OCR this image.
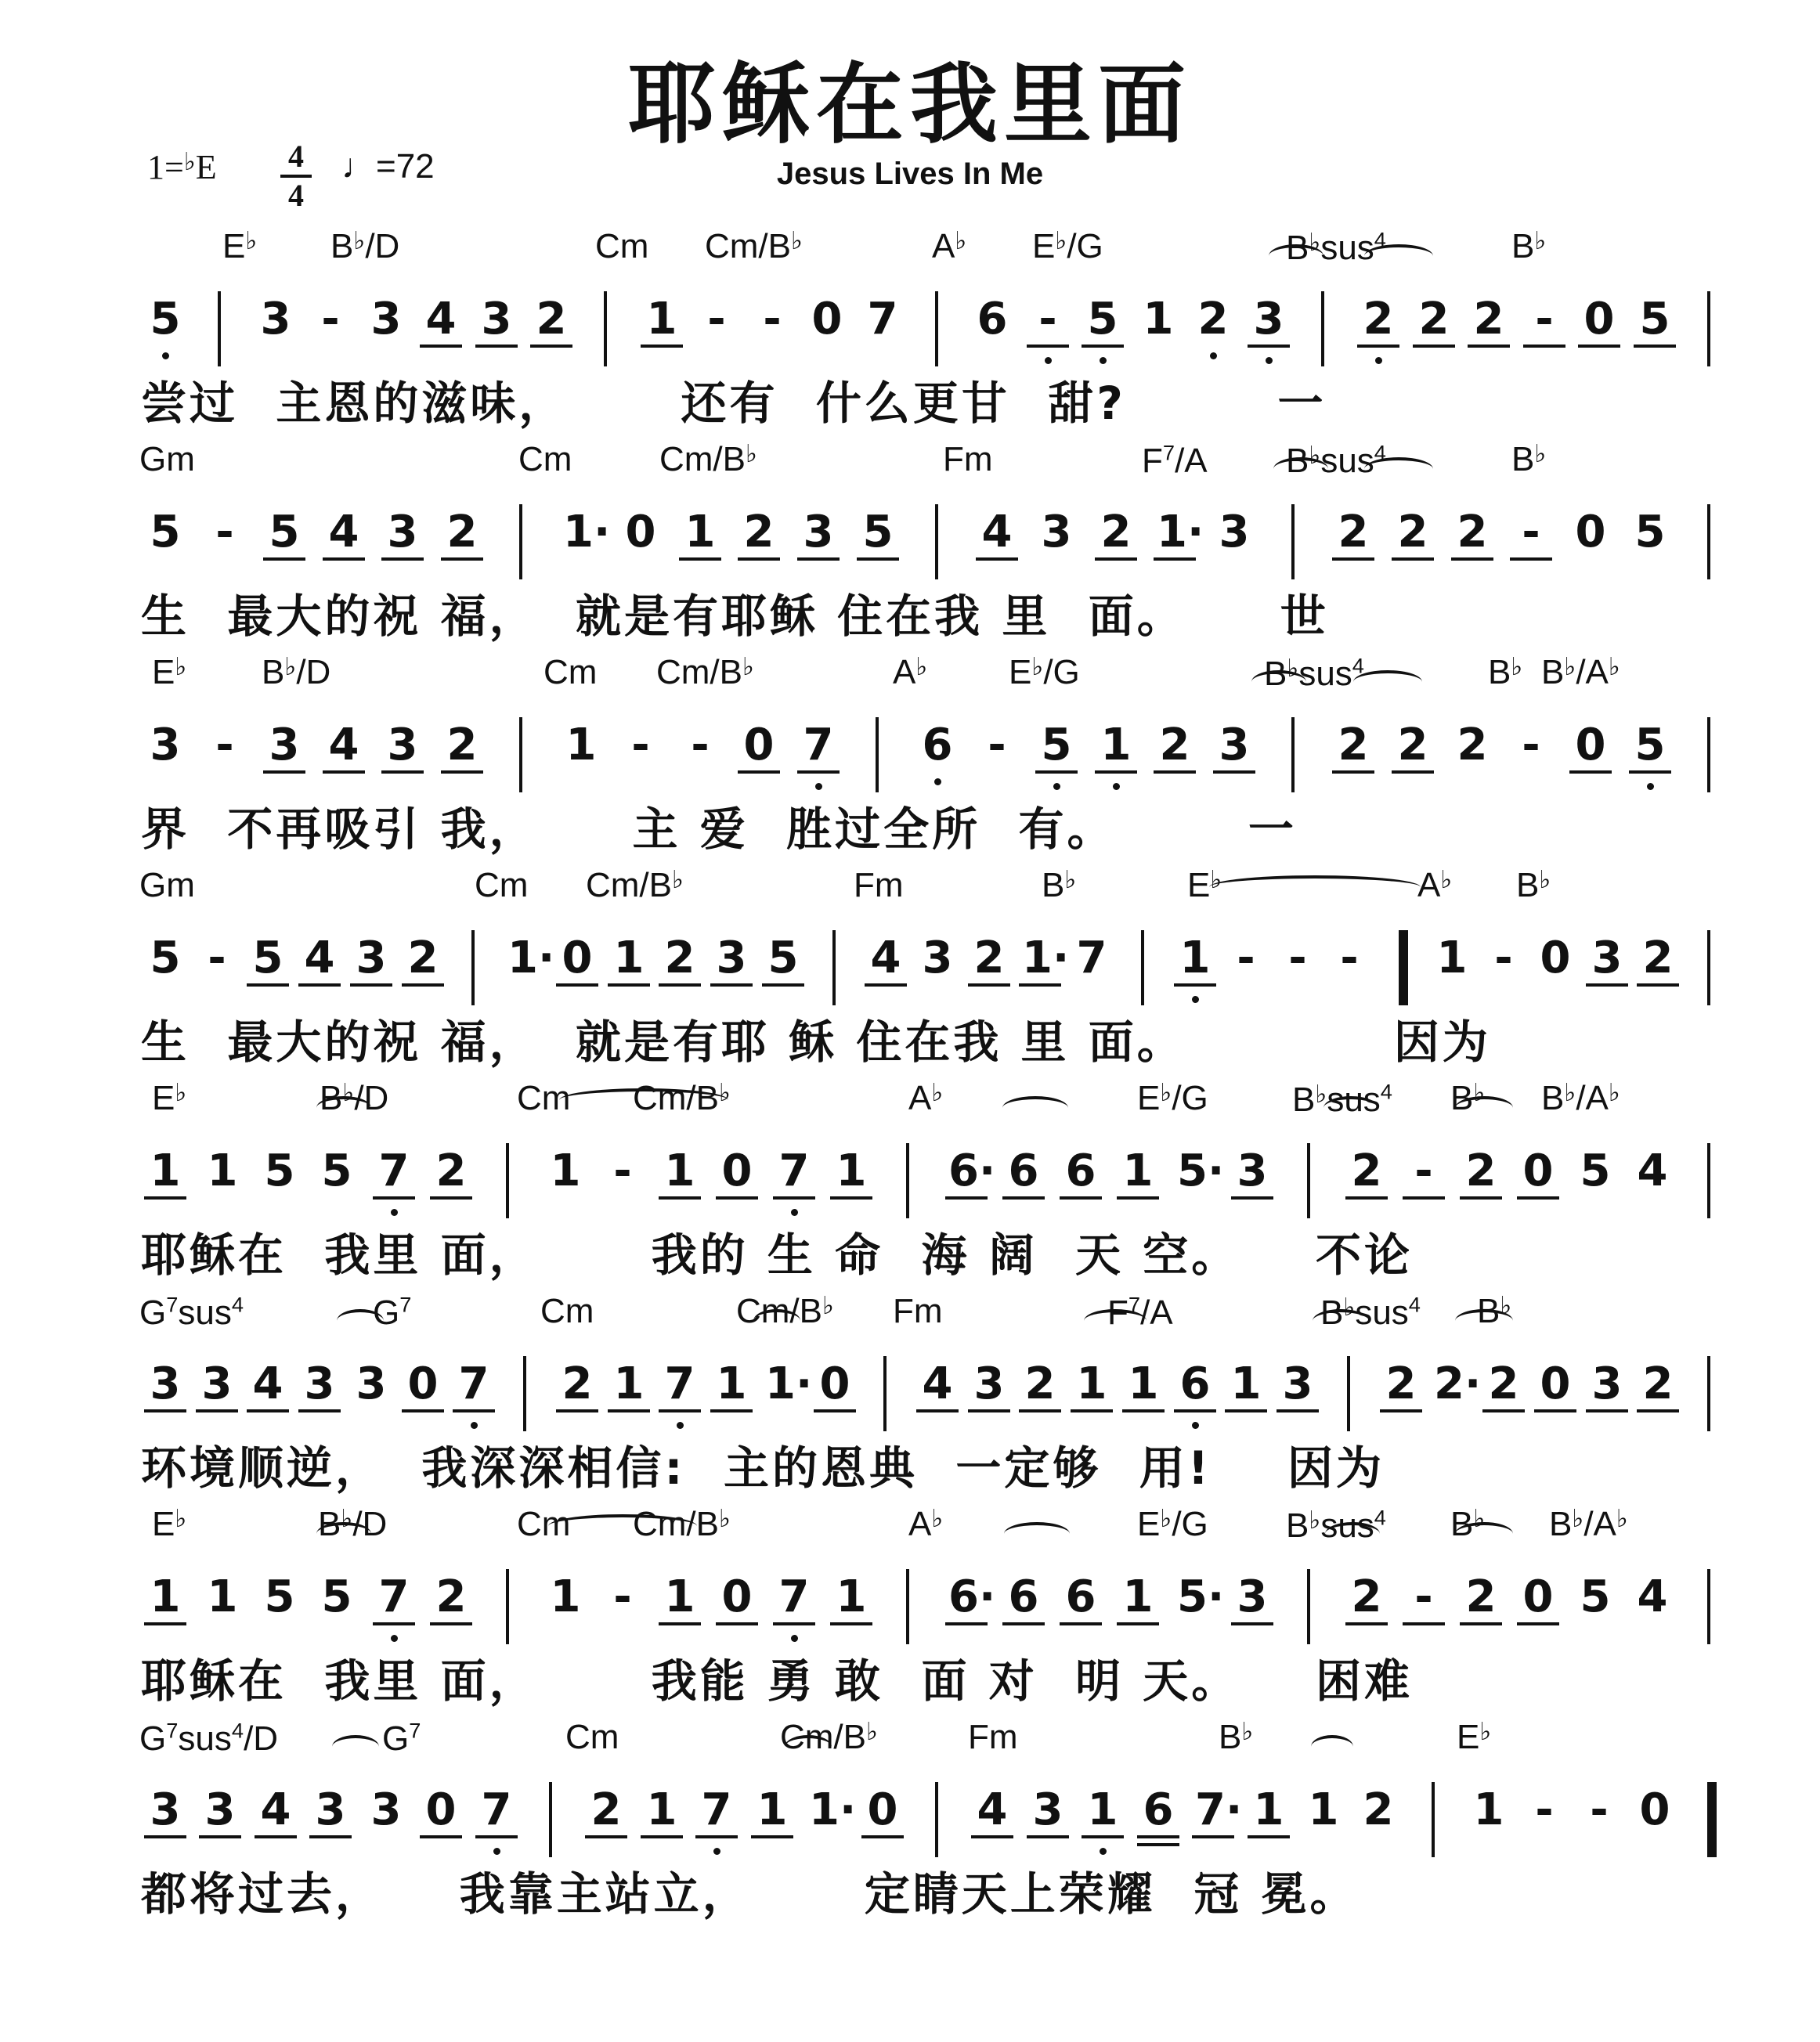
耶稣在我里面
Jesus Lives In Me
$1=^♭E \frac{4}{4}$ ♩=72
E♭ B♭/D	Cm Cm/B♭	A♭ E♭/G	B♭sus$^4$	B♭
5 3 - 3 4 3 2 1 - - 0 7 6 - 5 1 2 3 2 2 2 - 0 5
尝过  主恩的滋味，      还有  什么更甘  甜?        一
Gm	Cm	Cm/B♭	Fm	$F^7/A$ B♭sus$^4$	B♭
5 - 5 4 3 2 1· 0 1 2 3 5 4 3 2 1· 3 2 2 2 - 0 5
生  最大的祝 福，  就是有耶稣 住在我 里  面。     世
E♭ B♭/D	Cm Cm/B♭	A♭ E♭/G	B♭sus$^4$	B♭ B♭/A♭
3 - 3 4 3 2 1 - - 0 7 6 - 5 1 2 3 2 2 2 - 0 5
界  不再吸引 我，     主 爱  胜过全所  有。       一
Gm	Cm Cm/B♭	Fm	B♭	E♭	A♭ B♭
5 - 5 4 3 2 1· 0 1 2 3 5 4 3 2 1· 7 1 - - - 1 - 0 3 2
生  最大的祝 福，  就是有耶 稣 住在我 里 面。           因为
E♭	B♭/D	Cm Cm/B♭	A♭	E♭/G B♭sus$^4$ B♭ B♭/A♭
1 1 5 5 7 2 1 - 1 0 7 1 6· 6 6 1 5· 3 2 - 2 0 5 4
耶稣在  我里 面，      我的 生 命  海 阔  天 空。    不论
$G^7sus^4$	$G^7$	Cm	Cm/B♭ Fm	$F^7/A$	B♭sus$^4$ B♭
3 3 4 3 3 0 7 2 1 7 1 1· 0 4 3 2 1 1 6 1 3 2 2· 2 0 3 2
环境顺逆，  我深深相信:  主的恩典  一定够  用!    因为
E♭	B♭/D	Cm Cm/B♭	A♭	E♭/G B♭sus$^4$ B♭ B♭/A♭
1 1 5 5 7 2 1 - 1 0 7 1 6· 6 6 1 5· 3 2 - 2 0 5 4
耶稣在  我里 面，      我能 勇 敢  面 对  明 天。    困难
$G^7sus^4/D$	$G^7$	Cm	Cm/B♭	Fm	B♭	E♭
3 3 4 3 3 0 7 2 1 7 1 1· 0 4 3 1 6 7· 1 1 2 1 - - 0
都将过去，    我靠主站立，      定睛天上荣耀  冠 冕。
